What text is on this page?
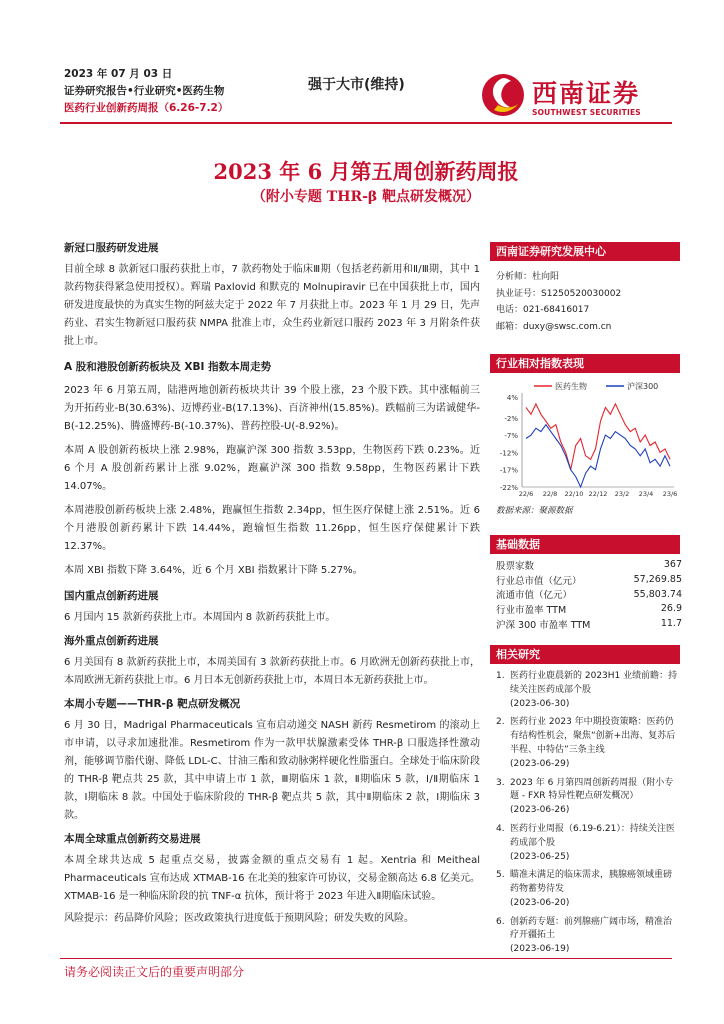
2023 年 07 月 03 日
证券研究报告•行业研究•医药生物
医药行业创新药周报（6.26-7.2）
强于大市(维持)	西南证券
SOUTHWEST SECURITIES
2023 年 6 月第五周创新药周报
（附小专题 THR-β 靶点研发概况）
新冠口服药研发进展
目前全球 8 款新冠口服药获批上市，7 款药物处于临床Ⅲ期（包括老药新用和Ⅱ/Ⅲ期，其中 1 款药物获得紧急使用授权）。辉瑞 Paxlovid 和默克的 Molnupiravir 已在中国获批上市，国内研发进度最快的为真实生物的阿兹夫定于 2022 年 7 月获批上市。2023 年 1 月 29 日，先声药业、君实生物新冠口服药获 NMPA 批准上市，众生药业新冠口服药 2023 年 3 月附条件获批上市。
A 股和港股创新药板块及 XBI 指数本周走势
2023 年 6 月第五周，陆港两地创新药板块共计 39 个股上涨，23 个股下跌。其中涨幅前三为开拓药业-B(30.63%)、迈博药业-B(17.13%)、百济神州(15.85%)。跌幅前三为诺诚健华-B(-12.25%)、腾盛博药-B(-10.37%)、普药控股-U(-8.92%)。
本周 A 股创新药板块上涨 2.98%，跑赢沪深 300 指数 3.53pp，生物医药下跌 0.23%。近 6 个月 A 股创新药累计上涨 9.02%，跑赢沪深 300 指数 9.58pp，生物医药累计下跌 14.07%。
本周港股创新药板块上涨 2.48%，跑赢恒生指数 2.34pp，恒生医疗保健上涨 2.51%。近 6 个月港股创新药累计下跌 14.44%，跑输恒生指数 11.26pp，恒生医疗保健累计下跌 12.37%。
本周 XBI 指数下降 3.64%，近 6 个月 XBI 指数累计下降 5.27%。
国内重点创新药进展
6 月国内 15 款新药获批上市。本周国内 8 款新药获批上市。
海外重点创新药进展
6 月美国有 8 款新药获批上市，本周美国有 3 款新药获批上市。6 月欧洲无创新药获批上市，本周欧洲无新药获批上市。6 月日本无创新药获批上市，本周日本无新药获批上市。
本周小专题——THR-β 靶点研发概况
6 月 30 日，Madrigal Pharmaceuticals 宣布启动递交 NASH 新药 Resmetirom 的滚动上市申请，以寻求加速批准。Resmetirom 作为一款甲状腺激素受体 THR-β 口服选择性激动剂，能够调节脂代谢、降低 LDL-C、甘油三酯和致动脉粥样硬化性脂蛋白。全球处于临床阶段的 THR-β 靶点共 25 款，其中申请上市 1 款，Ⅲ期临床 1 款，Ⅱ期临床 5 款，Ⅰ/Ⅱ期临床 1 款，Ⅰ期临床 8 款。中国处于临床阶段的 THR-β 靶点共 5 款，其中Ⅱ期临床 2 款，Ⅰ期临床 3 款。
本周全球重点创新药交易进展
本周全球共达成 5 起重点交易，披露金额的重点交易有 1 起。Xentria 和 Meitheal Pharmaceuticals 宣布达成 XTMAB-16 在北美的独家许可协议，交易金额高达 6.8 亿美元。XTMAB-16 是一种临床阶段的抗 TNF-α 抗体，预计将于 2023 年进入Ⅱ期临床试验。
风险提示：药品降价风险；医改政策执行进度低于预期风险；研发失败的风险。
西南证券研究发展中心
分析师：杜向阳
执业证号：S1250520030002
电话：021-68416017
邮箱：duxy@swsc.com.cn
行业相对指数表现
医药生物	沪深300
4%
-2%
-7%
-12%
-17%
-22%
22/6 22/8 22/10 22/12 23/2 23/4 23/6
数据来源：聚源数据
基础数据
股票家数	367
行业总市值（亿元）	57,269.85
流通市值（亿元）	55,803.74
行业市盈率 TTM	26.9
沪深 300 市盈率 TTM	11.7
相关研究
1. 医药行业鹿晨新的 2023H1 业绩前瞻：持续关注医药成部个股
(2023-06-30)
2. 医药行业 2023 年中期投资策略：医药仍有结构性机会，聚焦“创新+出海、复苏后半程、中特估”三条主线
(2023-06-29)
3. 2023 年 6 月第四周创新药周报（附小专题 - FXR 特异性靶点研发概况）
(2023-06-26)
4. 医药行业周报（6.19-6.21）：持续关注医药成部个股
(2023-06-25)
5. 瞄准未满足的临床需求，胰腺癌领域重磅药物蓄势待发
(2023-06-20)
6. 创新药专题：前列腺癌广阔市场，精准治疗开疆拓土
(2023-06-19)
请务必阅读正文后的重要声明部分
